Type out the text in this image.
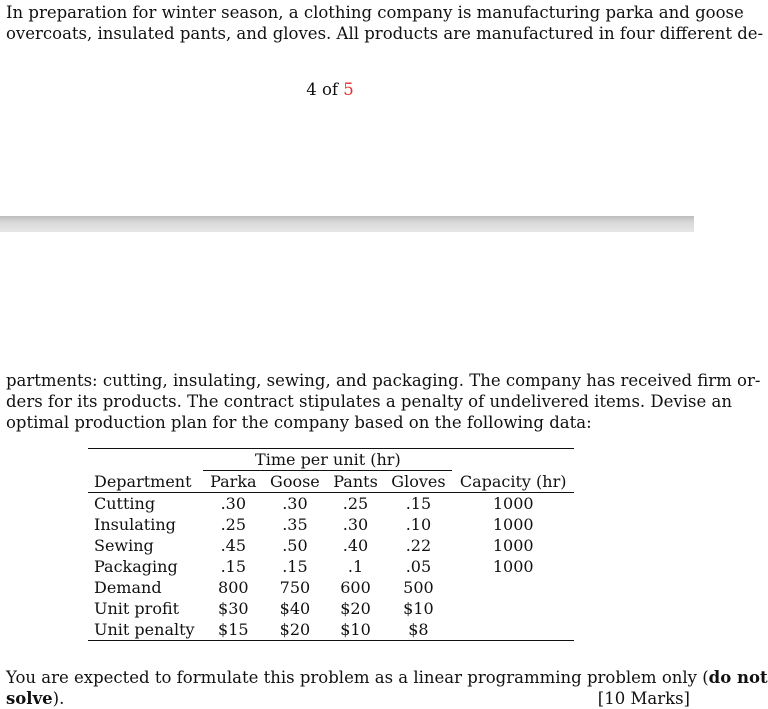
In preparation for winter season, a clothing company is manufacturing parka and goose
overcoats, insulated pants, and gloves. All products are manufactured in four different de-
4 of 5
partments: cutting, insulating, sewing, and packaging. The company has received firm or-
ders for its products. The contract stipulates a penalty of undelivered items. Devise an
optimal production plan for the company based on the following data:
	Time per unit (hr)				
Department	Parka	Goose	Pants	Gloves	Capacity (hr)
Cutting	.30	.30	.25	.15	1000
Insulating	.25	.35	.30	.10	1000
Sewing	.45	.50	.40	.22	1000
Packaging	.15	.15	.1	.05	1000
Demand	800	750	600	500	
Unit profit	$30	$40	$20	$10	
Unit penalty	$15	$20	$10	$8	
You are expected to formulate this problem as a linear programming problem only (do not
solve).	[10 Marks]
